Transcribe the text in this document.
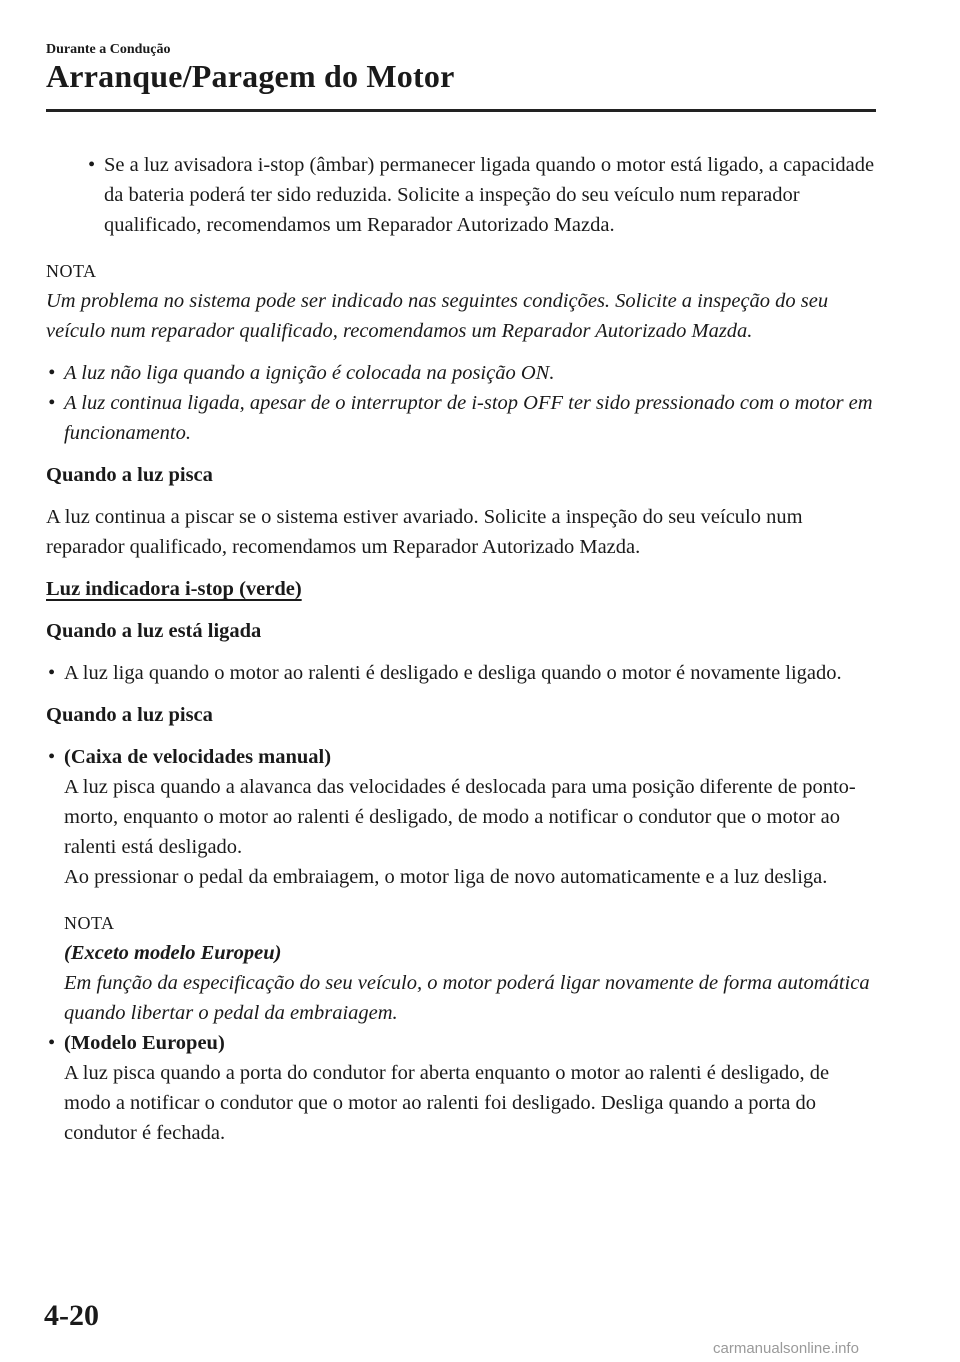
Durante a Condução
Arranque/Paragem do Motor

• Se a luz avisadora i-stop (âmbar) permanecer ligada quando o motor está ligado, a capacidade da bateria poderá ter sido reduzida. Solicite a inspeção do seu veículo num reparador qualificado, recomendamos um Reparador Autorizado Mazda.

NOTA

Um problema no sistema pode ser indicado nas seguintes condições. Solicite a inspeção do seu veículo num reparador qualificado, recomendamos um Reparador Autorizado Mazda.

• A luz não liga quando a ignição é colocada na posição ON.

• A luz continua ligada, apesar de o interruptor de i-stop OFF ter sido pressionado com o motor em funcionamento.

Quando a luz pisca

A luz continua a piscar se o sistema estiver avariado. Solicite a inspeção do seu veículo num reparador qualificado, recomendamos um Reparador Autorizado Mazda.

Luz indicadora i-stop (verde)

Quando a luz está ligada

• A luz liga quando o motor ao ralenti é desligado e desliga quando o motor é novamente ligado.

Quando a luz pisca

• (Caixa de velocidades manual)

A luz pisca quando a alavanca das velocidades é deslocada para uma posição diferente de ponto-morto, enquanto o motor ao ralenti é desligado, de modo a notificar o condutor que o motor ao ralenti está desligado.

Ao pressionar o pedal da embraiagem, o motor liga de novo automaticamente e a luz desliga.

NOTA

(Exceto modelo Europeu)

Em função da especificação do seu veículo, o motor poderá ligar novamente de forma automática quando libertar o pedal da embraiagem.

• (Modelo Europeu)

A luz pisca quando a porta do condutor for aberta enquanto o motor ao ralenti é desligado, de modo a notificar o condutor que o motor ao ralenti foi desligado. Desliga quando a porta do condutor é fechada.

4-20
carmanualsonline.info
